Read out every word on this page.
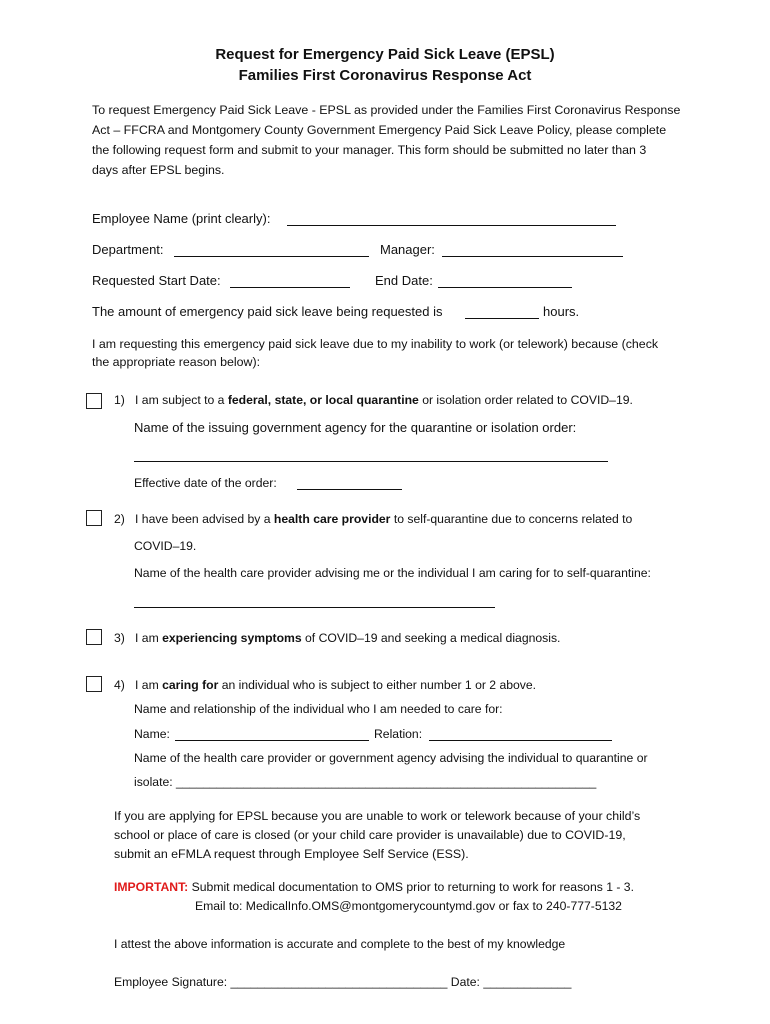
Request for Emergency Paid Sick Leave (EPSL)
Families First Coronavirus Response Act
To request Emergency Paid Sick Leave - EPSL as provided under the Families First Coronavirus Response
Act – FFCRA and Montgomery County Government Emergency Paid Sick Leave Policy, please complete
the following request form and submit to your manager. This form should be submitted no later than 3
days after EPSL begins.
Employee Name (print clearly):
Department:	Manager:
Requested Start Date:	End Date:
The amount of emergency paid sick leave being requested is	hours.
I am requesting this emergency paid sick leave due to my inability to work (or telework) because (check
the appropriate reason below):
1) I am subject to a federal, state, or local quarantine or isolation order related to COVID–19.
Name of the issuing government agency for the quarantine or isolation order:
Effective date of the order:
2) I have been advised by a health care provider to self-quarantine due to concerns related to
COVID–19.
Name of the health care provider advising me or the individual I am caring for to self-quarantine:
3) I am experiencing symptoms of COVID–19 and seeking a medical diagnosis.
4) I am caring for an individual who is subject to either number 1 or 2 above.
Name and relationship of the individual who I am needed to care for:
Name:	Relation:
Name of the health care provider or government agency advising the individual to quarantine or
isolate: ______________________________________________________________
If you are applying for EPSL because you are unable to work or telework because of your child’s
school or place of care is closed (or your child care provider is unavailable) due to COVID-19,
submit an eFMLA request through Employee Self Service (ESS).
IMPORTANT: Submit medical documentation to OMS prior to returning to work for reasons 1 - 3.
Email to: MedicalInfo.OMS@montgomerycountymd.gov or fax to 240-777-5132
I attest the above information is accurate and complete to the best of my knowledge
Employee Signature: ________________________________ Date: _____________
